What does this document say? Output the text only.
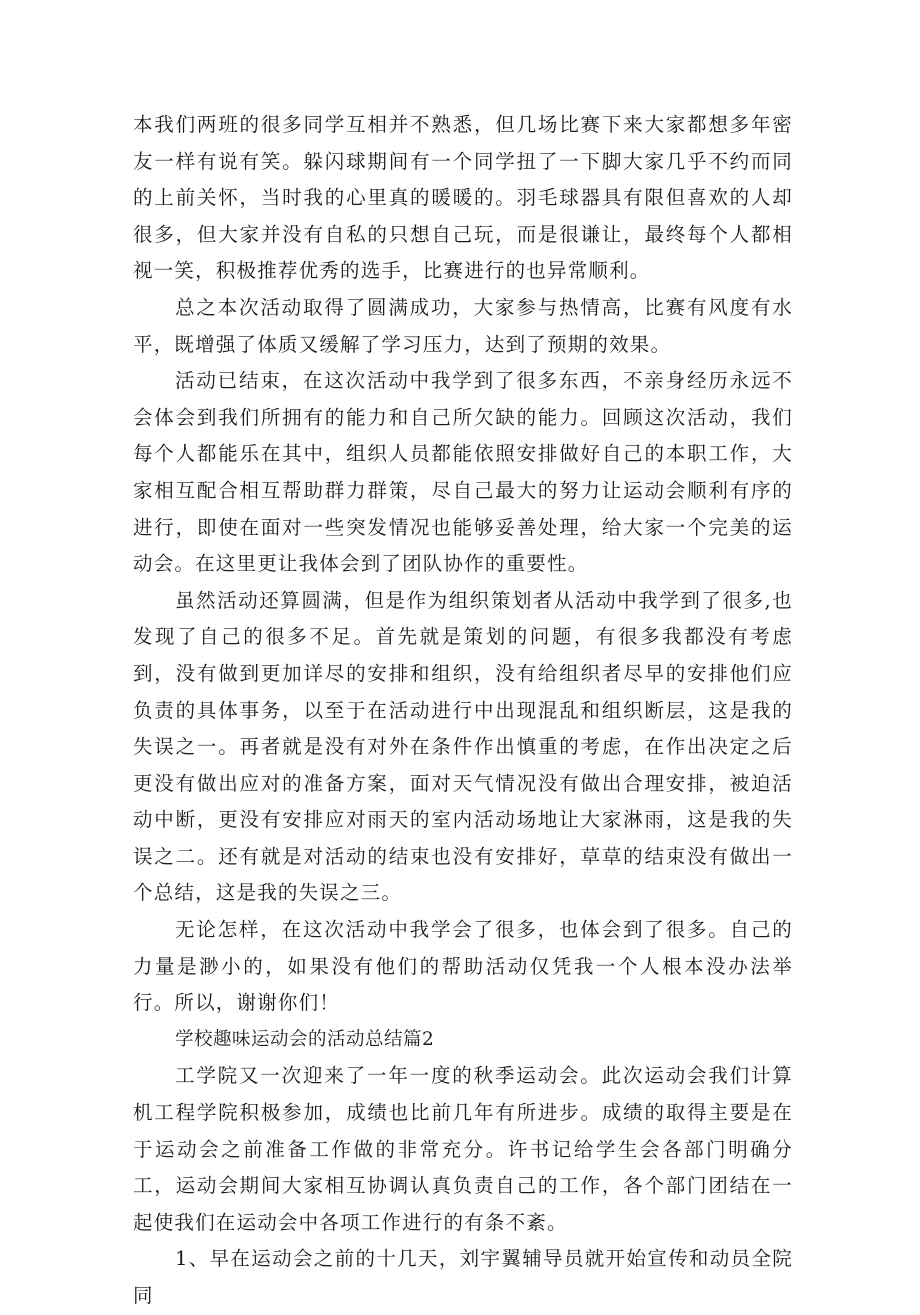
本我们两班的很多同学互相并不熟悉，但几场比赛下来大家都想多年密友一样有说有笑。躲闪球期间有一个同学扭了一下脚大家几乎不约而同的上前关怀，当时我的心里真的暖暖的。羽毛球器具有限但喜欢的人却很多，但大家并没有自私的只想自己玩，而是很谦让，最终每个人都相视一笑，积极推荐优秀的选手，比赛进行的也异常顺利。

总之本次活动取得了圆满成功，大家参与热情高，比赛有风度有水平，既增强了体质又缓解了学习压力，达到了预期的效果。

活动已结束，在这次活动中我学到了很多东西，不亲身经历永远不会体会到我们所拥有的能力和自己所欠缺的能力。回顾这次活动，我们每个人都能乐在其中，组织人员都能依照安排做好自己的本职工作，大家相互配合相互帮助群力群策，尽自己最大的努力让运动会顺利有序的进行，即使在面对一些突发情况也能够妥善处理，给大家一个完美的运动会。在这里更让我体会到了团队协作的重要性。

虽然活动还算圆满，但是作为组织策划者从活动中我学到了很多,也发现了自己的很多不足。首先就是策划的问题，有很多我都没有考虑到，没有做到更加详尽的安排和组织，没有给组织者尽早的安排他们应负责的具体事务，以至于在活动进行中出现混乱和组织断层，这是我的失误之一。再者就是没有对外在条件作出慎重的考虑，在作出决定之后更没有做出应对的准备方案，面对天气情况没有做出合理安排，被迫活动中断，更没有安排应对雨天的室内活动场地让大家淋雨，这是我的失误之二。还有就是对活动的结束也没有安排好，草草的结束没有做出一个总结，这是我的失误之三。

无论怎样，在这次活动中我学会了很多，也体会到了很多。自己的力量是渺小的，如果没有他们的帮助活动仅凭我一个人根本没办法举行。所以，谢谢你们！

学校趣味运动会的活动总结篇2

工学院又一次迎来了一年一度的秋季运动会。此次运动会我们计算机工程学院积极参加，成绩也比前几年有所进步。成绩的取得主要是在于运动会之前准备工作做的非常充分。许书记给学生会各部门明确分工，运动会期间大家相互协调认真负责自己的工作，各个部门团结在一起使我们在运动会中各项工作进行的有条不紊。

1、早在运动会之前的十几天，刘宇翼辅导员就开始宣传和动员全院同
